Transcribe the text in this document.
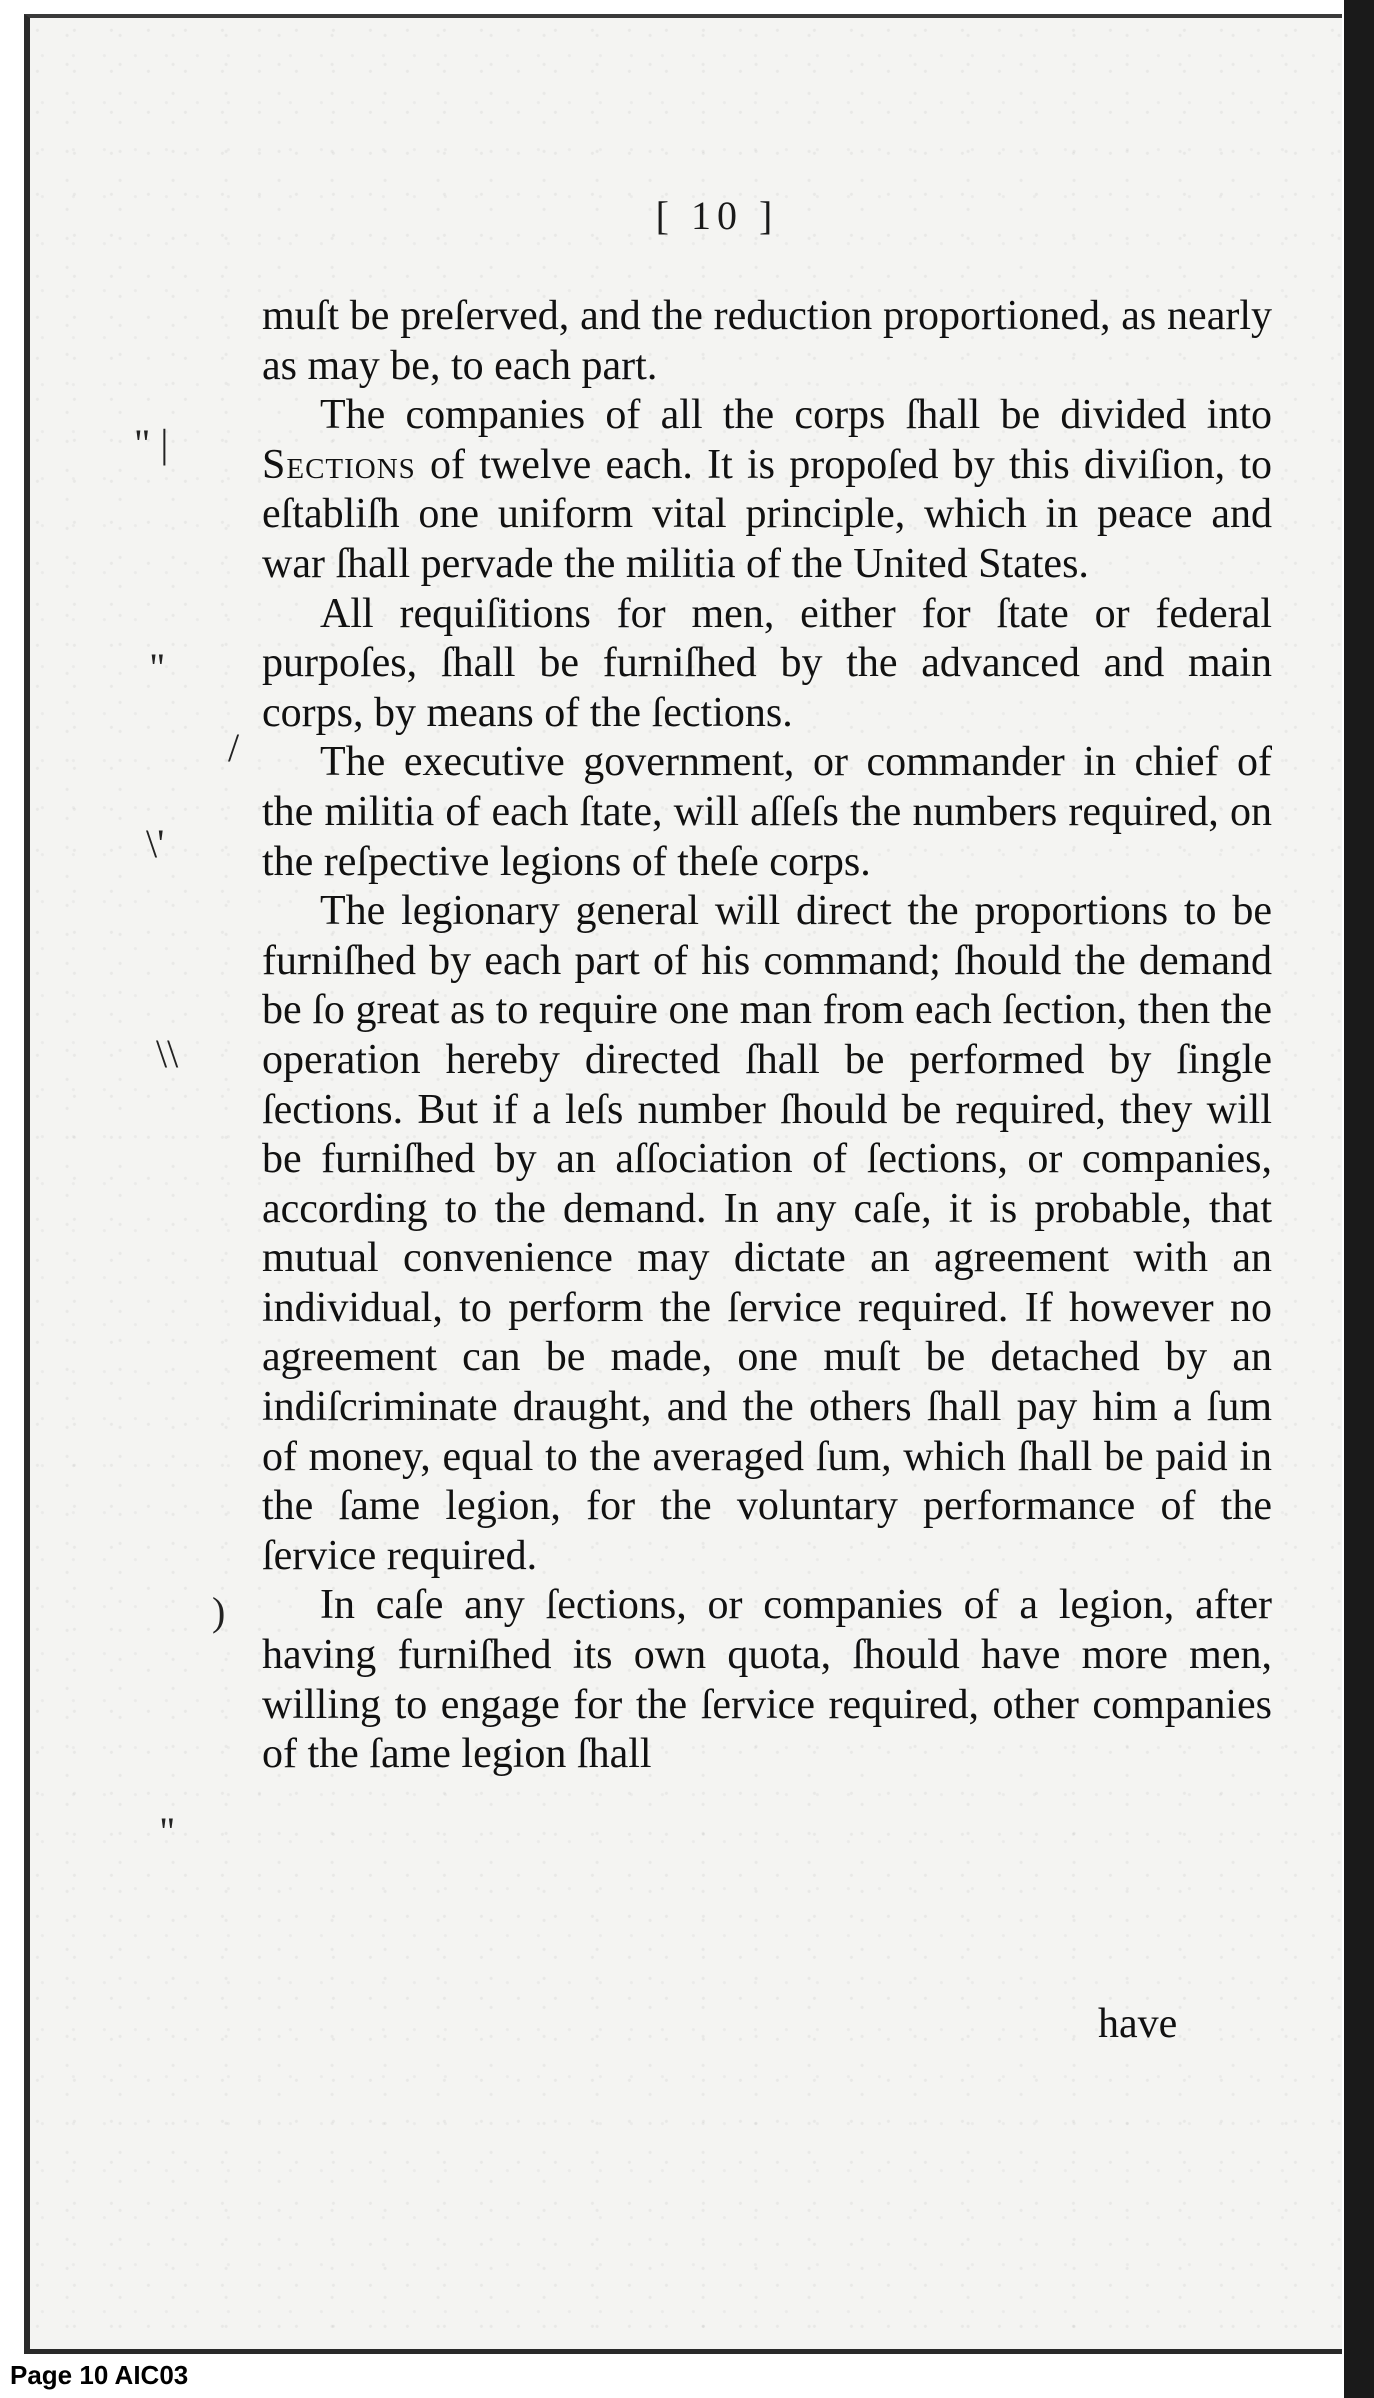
[ 10 ]

muſt be preſerved, and the reduction proportioned, as nearly as may be, to each part.

The companies of all the corps ſhall be divided into Sections of twelve each. It is propoſed by this diviſion, to eſtabliſh one uniform vital principle, which in peace and war ſhall pervade the militia of the United States.

All requiſitions for men, either for ſtate or federal purpoſes, ſhall be furniſhed by the advanced and main corps, by means of the ſections.

The executive government, or commander in chief of the militia of each ſtate, will aſſeſs the numbers required, on the reſpective legions of theſe corps.

The legionary general will direct the proportions to be furniſhed by each part of his command; ſhould the demand be ſo great as to require one man from each ſection, then the operation hereby directed ſhall be performed by ſingle ſections. But if a leſs number ſhould be required, they will be furniſhed by an aſſociation of ſections, or companies, according to the demand. In any caſe, it is probable, that mutual convenience may dictate an agreement with an individual, to perform the ſervice required. If however no agreement can be made, one muſt be detached by an indiſcriminate draught, and the others ſhall pay him a ſum of money, equal to the averaged ſum, which ſhall be paid in the ſame legion, for the voluntary performance of the ſervice required.

In caſe any ſections, or companies of a legion, after having furniſhed its own quota, ſhould have more men, willing to engage for the ſervice required, other companies of the ſame legion ſhall

have
" |
''
/
\'
\\
)
''
Page 10 AIC03
